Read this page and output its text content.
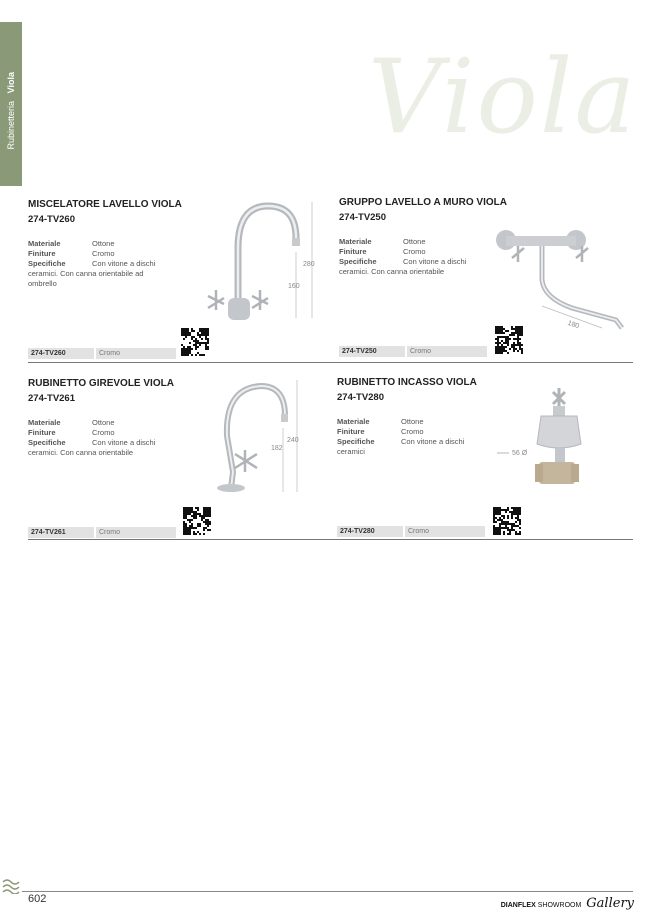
Viola
Rubinetteria	Viola
MISCELATORE LAVELLO VIOLA
274-TV260
Materiale	Ottone
Finiture	Cromo
Specifiche	Con vitone a dischi
ceramici. Con canna orientabile ad ombrello
280
160
274-TV260	Cromo
GRUPPO LAVELLO A MURO VIOLA
274-TV250
Materiale	Ottone
Finiture	Cromo
Specifiche	Con vitone a dischi
ceramici. Con canna orientabile
180
274-TV250	Cromo
RUBINETTO GIREVOLE VIOLA
274-TV261
Materiale	Ottone
Finiture	Cromo
Specifiche	Con vitone a dischi
ceramici. Con canna orientabile
240
182
274-TV261	Cromo
RUBINETTO INCASSO VIOLA
274-TV280
Materiale	Ottone
Finiture	Cromo
Specifiche	Con vitone a dischi
ceramici	56 Ø
274-TV280	Cromo
602
DIANFLEX SHOWROOM Gallery
